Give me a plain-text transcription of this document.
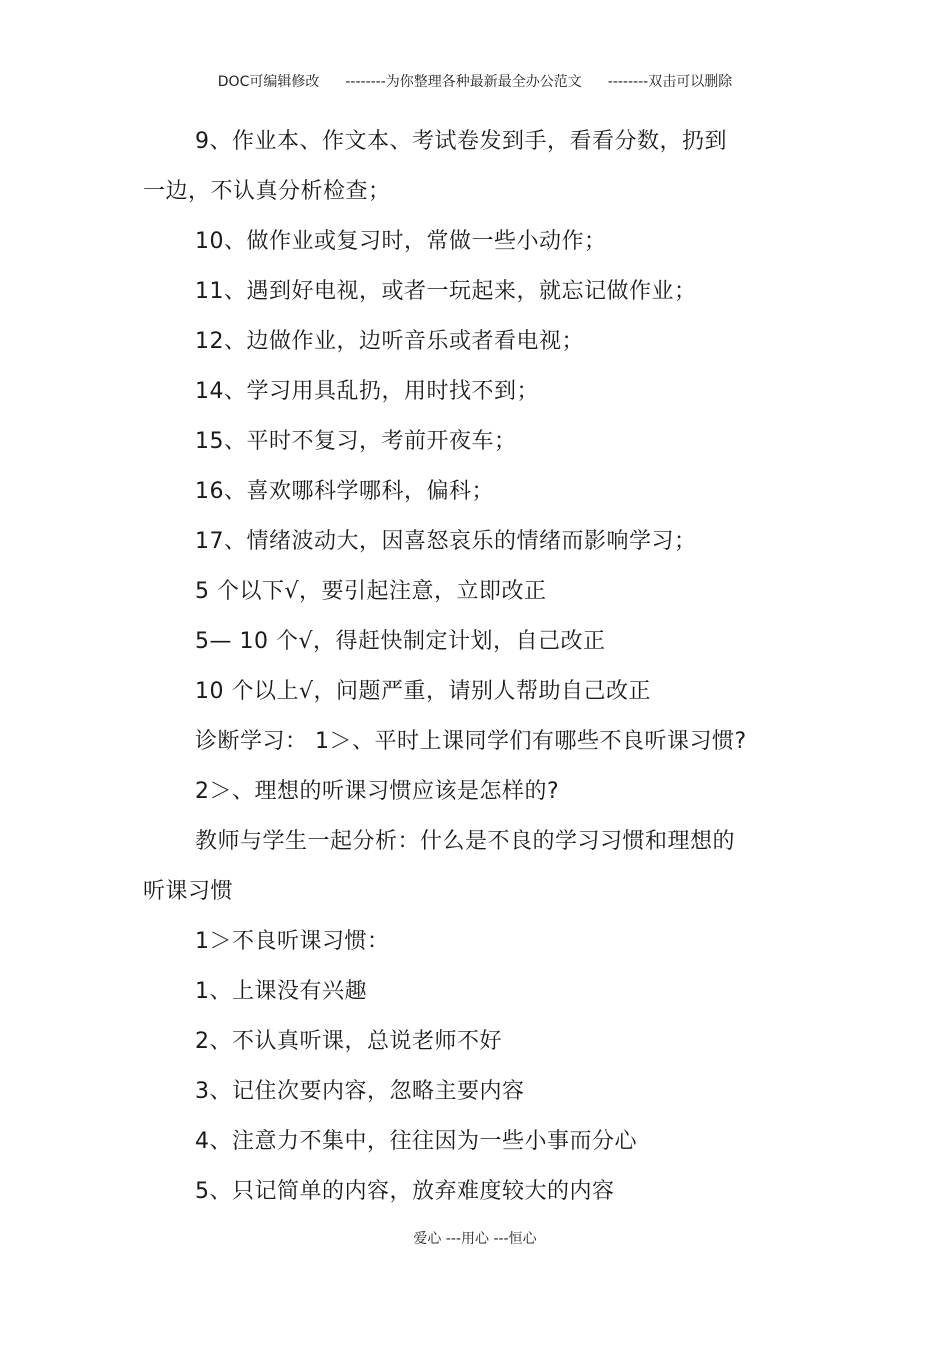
DOC可编辑修改 --------为你整理各种最新最全办公范文 --------双击可以删除
9、作业本、作文本、考试卷发到手，看看分数，扔到
一边，不认真分析检查；
10、做作业或复习时，常做一些小动作；
11、遇到好电视，或者一玩起来，就忘记做作业；
12、边做作业，边听音乐或者看电视；
14、学习用具乱扔，用时找不到；
15、平时不复习，考前开夜车；
16、喜欢哪科学哪科，偏科；
17、情绪波动大，因喜怒哀乐的情绪而影响学习；
5 个以下√，要引起注意，立即改正
5— 10 个√，得赶快制定计划，自己改正
10 个以上√，问题严重，请别人帮助自己改正
诊断学习： 1＞、平时上课同学们有哪些不良听课习惯?
2＞、理想的听课习惯应该是怎样的?
教师与学生一起分析：什么是不良的学习习惯和理想的
听课习惯
1＞不良听课习惯：
1、上课没有兴趣
2、不认真听课，总说老师不好
3、记住次要内容，忽略主要内容
4、注意力不集中，往往因为一些小事而分心
5、只记简单的内容，放弃难度较大的内容
爱心 ---用心 ---恒心
